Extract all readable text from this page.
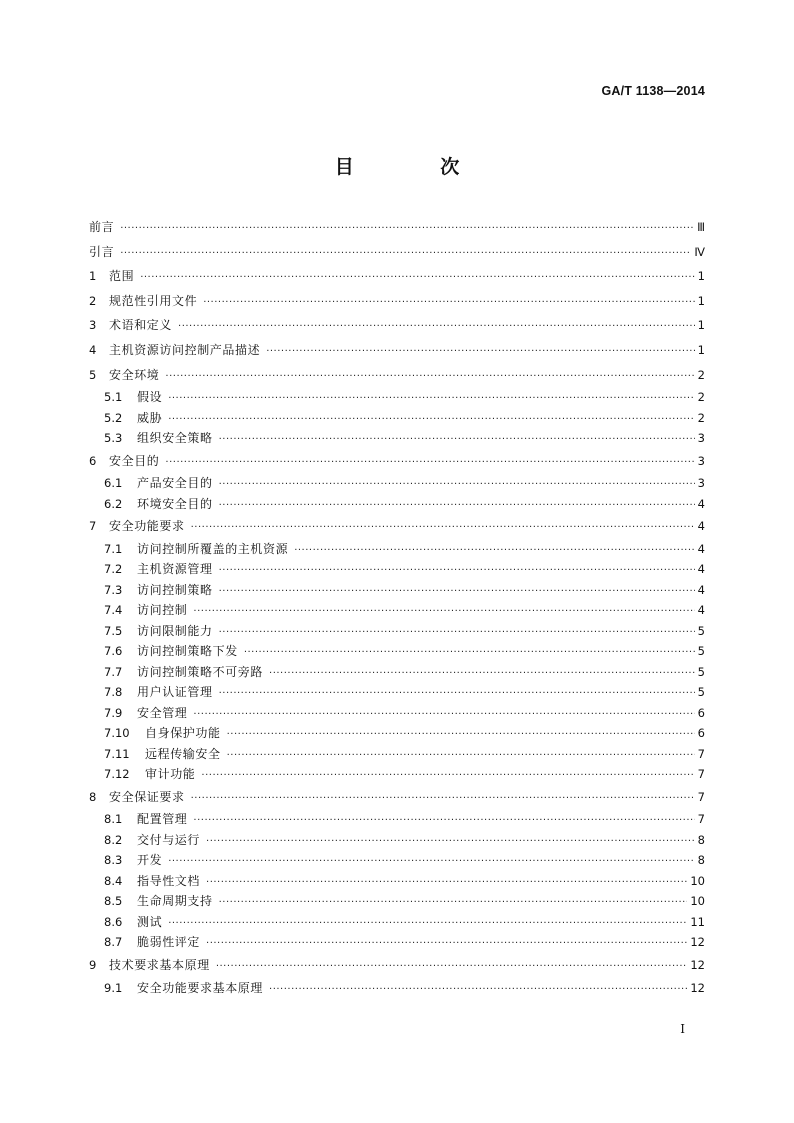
GA/T 1138—2014
目 次
前言 ·····	Ⅲ
引言 ·····	Ⅳ
1	范围 ·····	1
2	规范性引用文件 ·····	1
3	术语和定义 ·····	1
4	主机资源访问控制产品描述 ·····	1
5	安全环境 ·····	2
5.1	假设 ·····	2
5.2	威胁 ·····	2
5.3	组织安全策略 ·····	3
6	安全目的 ·····	3
6.1	产品安全目的 ·····	3
6.2	环境安全目的 ·····	4
7	安全功能要求 ·····	4
7.1	访问控制所覆盖的主机资源 ·····	4
7.2	主机资源管理 ·····	4
7.3	访问控制策略 ·····	4
7.4	访问控制 ·····	4
7.5	访问限制能力 ·····	5
7.6	访问控制策略下发 ·····	5
7.7	访问控制策略不可旁路 ·····	5
7.8	用户认证管理 ·····	5
7.9	安全管理 ·····	6
7.10	自身保护功能 ·····	6
7.11	远程传输安全 ·····	7
7.12	审计功能 ·····	7
8	安全保证要求 ·····	7
8.1	配置管理 ·····	7
8.2	交付与运行 ·····	8
8.3	开发 ·····	8
8.4	指导性文档 ·····	10
8.5	生命周期支持 ·····	10
8.6	测试 ·····	11
8.7	脆弱性评定 ·····	12
9	技术要求基本原理 ·····	12
9.1	安全功能要求基本原理 ·····	12
Ⅰ
